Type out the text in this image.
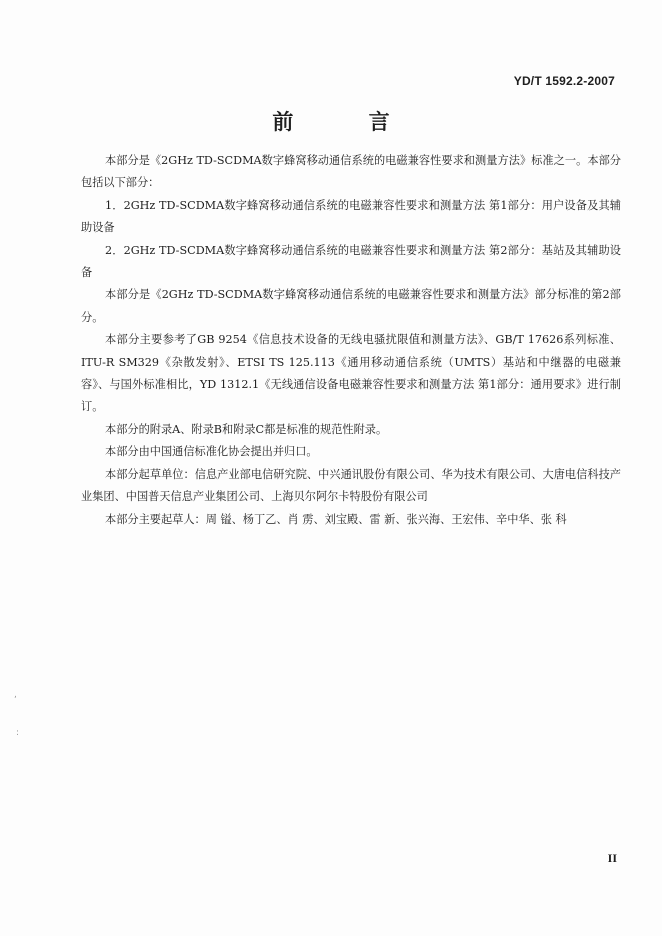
YD/T 1592.2-2007
前 言

本部分是《2GHz TD-SCDMA数字蜂窝移动通信系统的电磁兼容性要求和测量方法》标准之一。本部分包括以下部分：

1．2GHz TD-SCDMA数字蜂窝移动通信系统的电磁兼容性要求和测量方法 第1部分：用户设备及其辅助设备

2．2GHz TD-SCDMA数字蜂窝移动通信系统的电磁兼容性要求和测量方法 第2部分：基站及其辅助设备

本部分是《2GHz TD-SCDMA数字蜂窝移动通信系统的电磁兼容性要求和测量方法》部分标准的第2部分。

本部分主要参考了GB 9254《信息技术设备的无线电骚扰限值和测量方法》、GB/T 17626系列标准、ITU-R SM329《杂散发射》、ETSI TS 125.113《通用移动通信系统（UMTS）基站和中继器的电磁兼容》、与国外标准相比，YD 1312.1《无线通信设备电磁兼容性要求和测量方法 第1部分：通用要求》进行制订。

本部分的附录A、附录B和附录C都是标准的规范性附录。

本部分由中国通信标准化协会提出并归口。

本部分起草单位：信息产业部电信研究院、中兴通讯股份有限公司、华为技术有限公司、大唐电信科技产业集团、中国普天信息产业集团公司、上海贝尔阿尔卡特股份有限公司

本部分主要起草人：周 镒、杨丁乙、肖 雳、刘宝殿、雷 新、张兴海、王宏伟、辛中华、张 科

,
:
II
